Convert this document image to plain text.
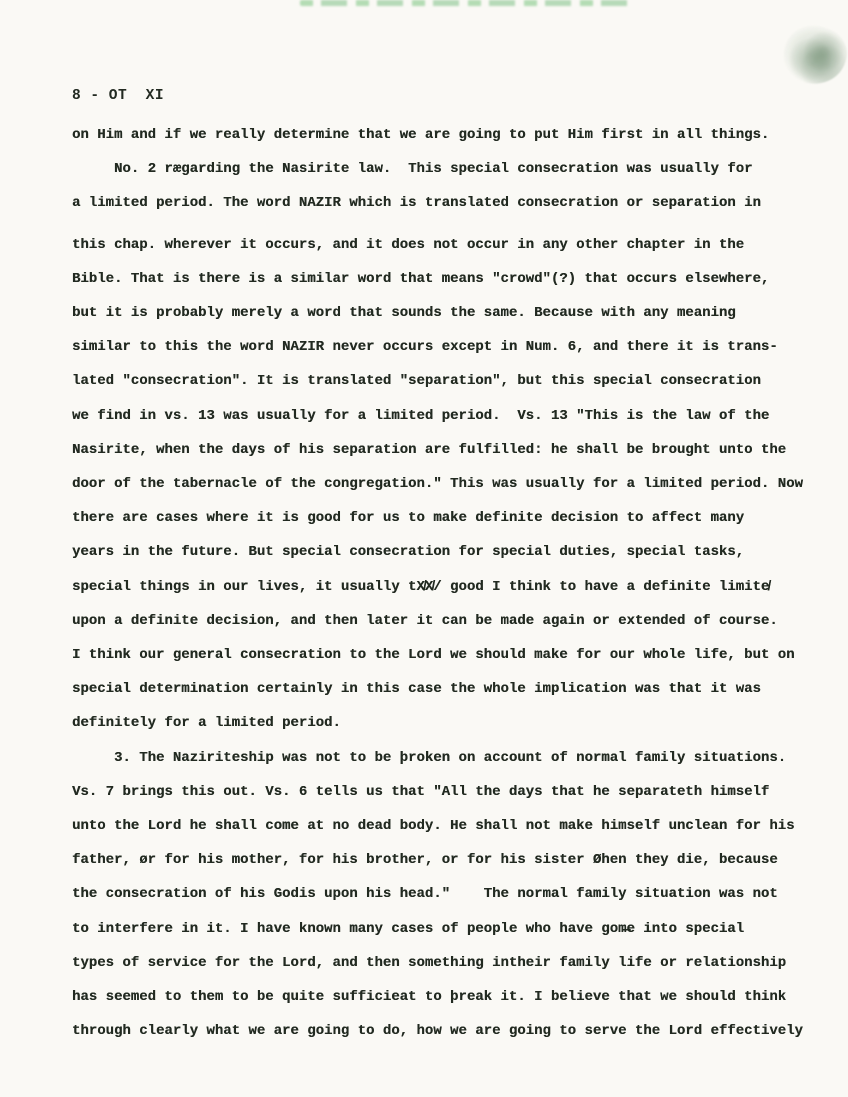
8 - OT  XI
on Him and if we really determine that we are going to put Him first in all things.
No. 2 rægarding the Nasirite law.  This special consecration was usually for
a limited period. The word NAZIR which is translated consecration or separation in
this chap. wherever it occurs, and it does not occur in any other chapter in the
Bible. That is there is a similar word that means "crowd"(?) that occurs elsewhere,
but it is probably merely a word that sounds the same. Because with any meaning
similar to this the word NAZIR never occurs except in Num. 6, and there it is trans-
lated "consecration". It is translated "separation", but this special consecration
we find in vs. 13 was usually for a limited period.  Vs. 13 "This is the law of the
Nasirite, when the days of his separation are fulfilled: he shall be brought unto the
door of the tabernacle of the congregation." This was usually for a limited period. Now
there are cases where it is good for us to make definite decision to affect many
years in the future. But special consecration for special duties, special tasks,
special things in our lives, it usually tX̸X̸/ good I think to have a definite limite̸
upon a definite decision, and then later it can be made again or extended of course.
I think our general consecration to the Lord we should make for our whole life, but on
special determination certainly in this case the whole implication was that it was
definitely for a limited period.
3. The Naziriteship was not to be þroken on account of normal family situations.
Vs. 7 brings this out. Vs. 6 tells us that "All the days that he separateth himself
unto the Lord he shall come at no dead body. He shall not make himself unclean for his
father, ør for his mother, for his brother, or for his sister Øhen they die, because
the consecration of his Godis upon his head."    The normal family situation was not
to interfere in it. I have known many cases of people who have gom̶e into special
types of service for the Lord, and then something intheir family life or relationship
has seemed to them to be quite sufficieat to þreak it. I believe that we should think
through clearly what we are going to do, how we are going to serve the Lord effectively
